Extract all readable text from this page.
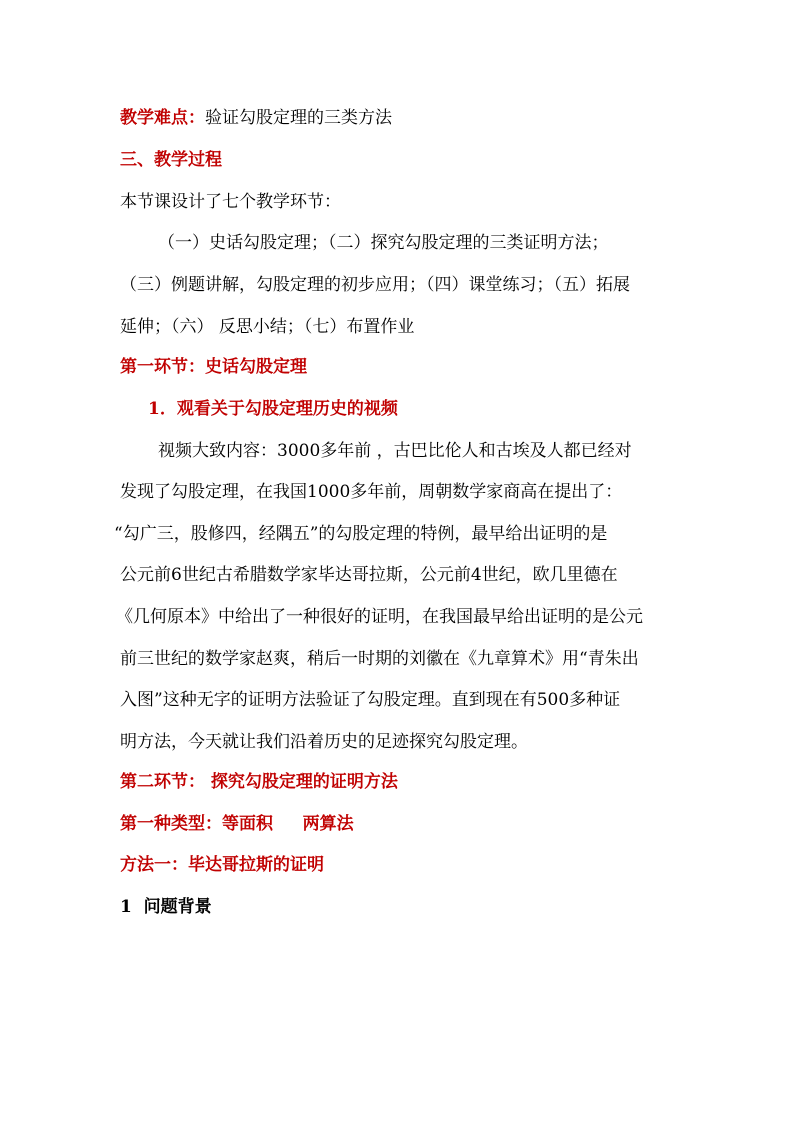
教学难点：验证勾股定理的三类方法

三、教学过程

本节课设计了七个教学环节：

（一）史话勾股定理；（二）探究勾股定理的三类证明方法；

（三）例题讲解，勾股定理的初步应用；（四）课堂练习；（五）拓展

延伸；（六） 反思小结；（七）布置作业

第一环节：史话勾股定理

1．观看关于勾股定理历史的视频

视频大致内容：3000多年前 ，古巴比伦人和古埃及人都已经对

发现了勾股定理，在我国1000多年前，周朝数学家商高在提出了：

“勾广三，股修四，经隅五”的勾股定理的特例，最早给出证明的是

公元前6世纪古希腊数学家毕达哥拉斯，公元前4世纪，欧几里德在

《几何原本》中给出了一种很好的证明，在我国最早给出证明的是公元

前三世纪的数学家赵爽，稍后一时期的刘徽在《九章算术》用“青朱出

入图”这种无字的证明方法验证了勾股定理。直到现在有500多种证

明方法，今天就让我们沿着历史的足迹探究勾股定理。

第二环节： 探究勾股定理的证明方法

第一种类型：等面积     两算法

方法一：毕达哥拉斯的证明

1  问题背景
